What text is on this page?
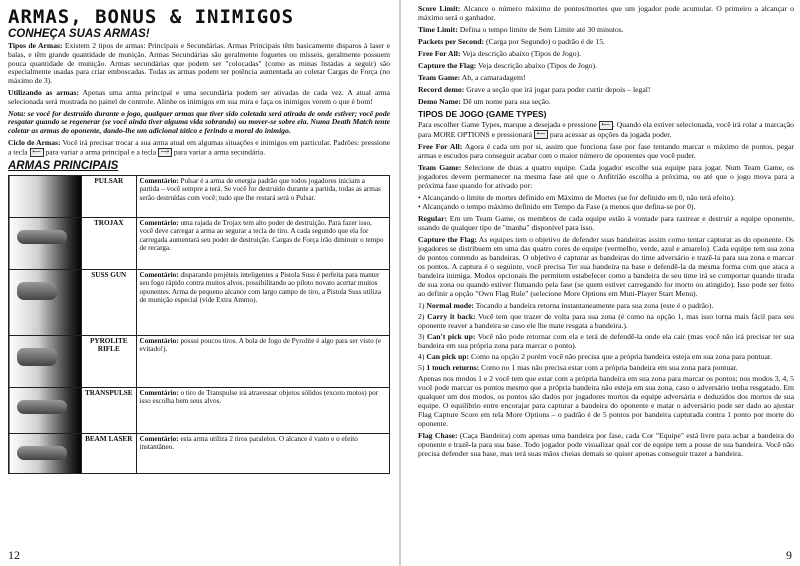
ARMAS, BONUS & INIMIGOS
CONHEÇA SUAS ARMAS!

Tipos de Armas: Existem 2 tipos de armas: Principais e Secundárias. Armas Principais têm basicamente disparos à laser e balas, e têm grande quantidade de munição. Armas Secundárias são geralmente foguetes ou mísseis, geralmente possuem pouca quantidade de munição. Armas secundárias que podem ser "colocadas" (como as minas listadas a seguir) são especialmente usadas para criar emboscadas. Todas as armas podem ter potência aumentada ao coletar Cargas de Força (no máximo de 3).

Utilizando as armas: Apenas uma arma principal e uma secundária podem ser ativadas de cada vez. A atual arma selecionada será mostrada no painel de controle. Alinhe os inimigos em sua mira e faça os inimigos verem o que é bom!

Nota: se você for destruído durante o jogo, qualquer armas que tiver sido coletada será atirada de onde estiver; você pode resgatar quando se regenerar (se você ainda tiver alguma vida sobrando) ou mover-se sobre ela. Numa Death Match tente coletar as armas do oponente, dando-lhe um adicional tático e ferindo a moral do inimigo.

Ciclo de Armas: Você irá precisar trocar a sua arma atual em algumas situações e inimigos em particular. Padrões: pressione a tecla ⟵ para variar a arma principal e a tecla ⟶ para variar a arma secundária.

ARMAS PRINCIPAIS
	PULSAR	Comentário: Pulsar é a arma de energia padrão que todos jogadores iniciam a partida – você sempre a terá. Se você for destruído durante a partida, todas as armas serão destruídas com você; tudo que lhe restará será o Pulsar.

	TROJAX	Comentário: uma rajada de Trojax tem alto poder de destruição. Para fazer isso, você deve carregar a arma ao segurar a tecla de tiro. A cada segundo que ela for carregada aumentará seu poder de destruição. Cargas de Força irão diminuir o tempo de recarga.

	SUSS GUN	Comentário: disparando projéteis inteligentes a Pistola Suss é perfeita para manter seu fogo rápido contra muitos alvos, possibilitando ao piloto novato acertar muitos oponentes. Arma de pequeno alcance com largo campo de tiro, a Pistola Suss utiliza de munição especial (vide Extra Ammo).

	PYROLITE RIFLE	Comentário: possui poucos tiros. A bola de fogo de Pyrolite é algo para ser visto (e evitado!).

	TRANSPULSE	Comentário: o tiro de Transpulse irá atravessar objetos sólidos (exceto motos) por isso escolha bem seus alvos.

	BEAM LASER	Comentário: esta arma utiliza 2 tiros paralelos. O alcance é vasto e o efeito instantâneo.
12

Score Limit: Alcance o número máximo de pontos/mortes que um jogador pode acumular. O primeiro a alcançar o máximo será o ganhador.

Time Limit: Defina o tempo limite de Sem Limite até 30 minutos.

Packets per Second: (Carga por Segundo) o padrão é de 15.

Free For All: Veja descrição abaixo (Tipos de Jogo).

Capture the Flag: Veja descrição abaixo (Tipos de Jogo).

Team Game: Ah, a camaradagem!

Record demo: Grave a seção que irá jogar para poder curtir depois – legal!

Demo Name: Dê um nome para sua seção.

TIPOS DE JOGO (GAME TYPES)

Para escolher Game Types, marque a desejada e pressione ⟵ . Quando ela estiver selecionada, você irá rolar a marcação para MORE OPTIONS e pressionará ⟵ para acessar as opções da jogada poder.

Free For All: Agora é cada um por si, assim que funciona fase por fase tentando marcar o máximo de pontos, pegar armas e escudos para conseguir acabar com o maior número de oponentes que você puder.

Team Game: Selecione de duas a quatro equipe. Cada jogador escolhe sua equipe para jogar. Num Team Game, os jogadores devem permanecer na mesma fase até que o Anfitrião escolha a próxima, ou até que o jogo mova para a próxima fase quando for ativado por:

• Alcançando o limite de mortes definido em Máximo de Mortes (se for definido em 0, não terá efeito).

• Alcançando o tempo máximo definido em Tempo da Fase (a menos que defina-se por 0).

Regular: Em um Team Game, os membros de cada equipe estão à vontade para rastrear e destruir a equipe oponente, usando de qualquer tipo de "manha" disponível para isso.

Capture the Flag: As equipes tem o objetivo de defender suas bandeiras assim como tentar capturar as do oponente. Os jogadores se distribuem em uma das quatro cores de equipe (vermelho, verde, azul e amarelo). Cada equipe tem sua zona de pontos contendo as bandeiras. O objetivo é capturar as bandeiras do time adversário e trazê-la para sua zona e marcar os pontos. A captura é o seguinte, você precisa Ter sua bandeira na base e defendê-la da mesma forma com que ataca a bandeira inimiga. Modos opcionais lhe permitem estabelecer como a bandeira de seu time irá se comportar quando tirada de sua zona ou quando estiver flutuando pela fase (se quem estiver carregando for morto ou atingido). Isso pode ser feito ao definir a opção "Own Flag Rule" (selecione More Options em Muti-Player Start Menu).

1) Normal mode: Tocando a bandeira retorna instantaneamente para sua zona (este é o padrão).
2) Carry it back: Você tem que trazer de volta para sua zona (é como na opção 1, mas isso torna mais fácil para seu oponente reaver a bandeira se caso ele lhe mate resgata a bandeira.).
3) Can't pick up: Você não pode retornar com ela e terá de defendê-la onde ela cair (mas você não irá precisar ter sua bandeira em sua própria zona para marcar o ponto).
4) Can pick up: Como na opção 2 porém você não precisa que a própria bandeira esteja em sua zona para pontuar.
5) 1 touch returns: Como no 1 mas não precisa estar com a própria bandeira em sua zona para pontuar.

Apenas nos modos 1 e 2 você tem que estar com a própria bandeira em sua zona para marcar os pontos; nos modos 3, 4, 5 você pode marcar os pontos mesmo que a própria bandeira não esteja em sua zona, caso o adversário tenha resgatado. Em qualquer um dos modos, os pontos são dados por jogadores mortos da equipe adversária e deduzidos dos mortos de sua equipe. O equilíbrio entre encorajar para capturar a bandeira do oponente e matar o adversário pode ser dado ao ajustar Flag Capture Score em tela More Options – o padrão é de 5 pontos por bandeira capturada contra 1 ponto por morte do oponente.

Flag Chase: (Caça Bandeira) com apenas uma bandeira por fase, cada Cor "Equipe" está livre para achar a bandeira do oponente e trazê-la para sua base. Todo jogador pode visualizar qual cor de equipe tem a posse de sua bandeira. Você não precisa defender sua base, mas terá suas mãos cheias demais se quiser apenas conseguir trazer a bandeira.

9
